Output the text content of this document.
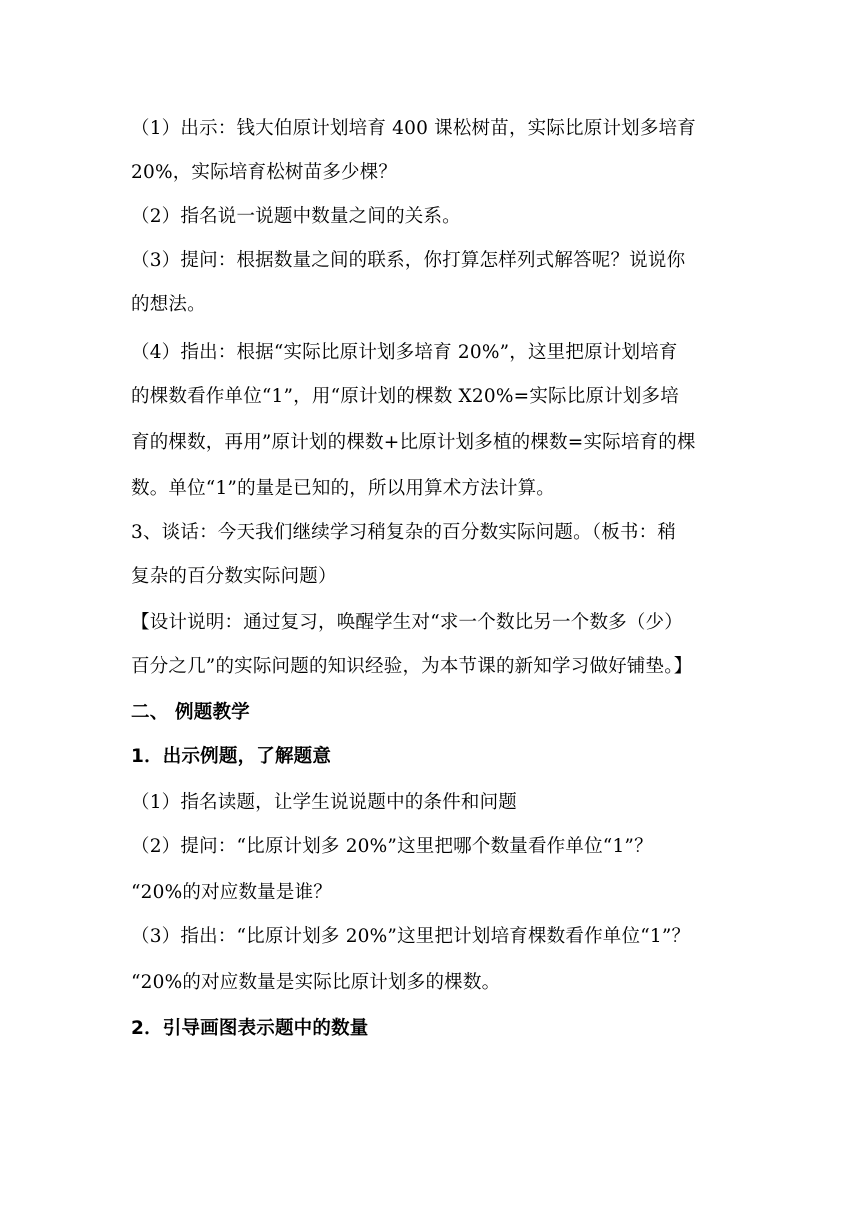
（1）出示：钱大伯原计划培育 400 课松树苗，实际比原计划多培育
20%，实际培育松树苗多少棵？
（2）指名说一说题中数量之间的关系。
（3）提问：根据数量之间的联系，你打算怎样列式解答呢？说说你
的想法。
（4）指出：根据“实际比原计划多培育 20%”，这里把原计划培育
的棵数看作单位“1”，用“原计划的棵数 X20%=实际比原计划多培
育的棵数，再用”原计划的棵数+比原计划多植的棵数=实际培育的棵
数。单位“1”的量是已知的，所以用算术方法计算。
3、谈话：今天我们继续学习稍复杂的百分数实际问题。（板书：稍
复杂的百分数实际问题）
【设计说明：通过复习，唤醒学生对“求一个数比另一个数多（少）
百分之几”的实际问题的知识经验，为本节课的新知学习做好铺垫。】
二、 例题教学
1．出示例题，了解题意
（1）指名读题，让学生说说题中的条件和问题
（2）提问：“比原计划多 20%”这里把哪个数量看作单位“1”？
“20%的对应数量是谁？
（3）指出：“比原计划多 20%”这里把计划培育棵数看作单位“1”？
“20%的对应数量是实际比原计划多的棵数。
2．引导画图表示题中的数量
